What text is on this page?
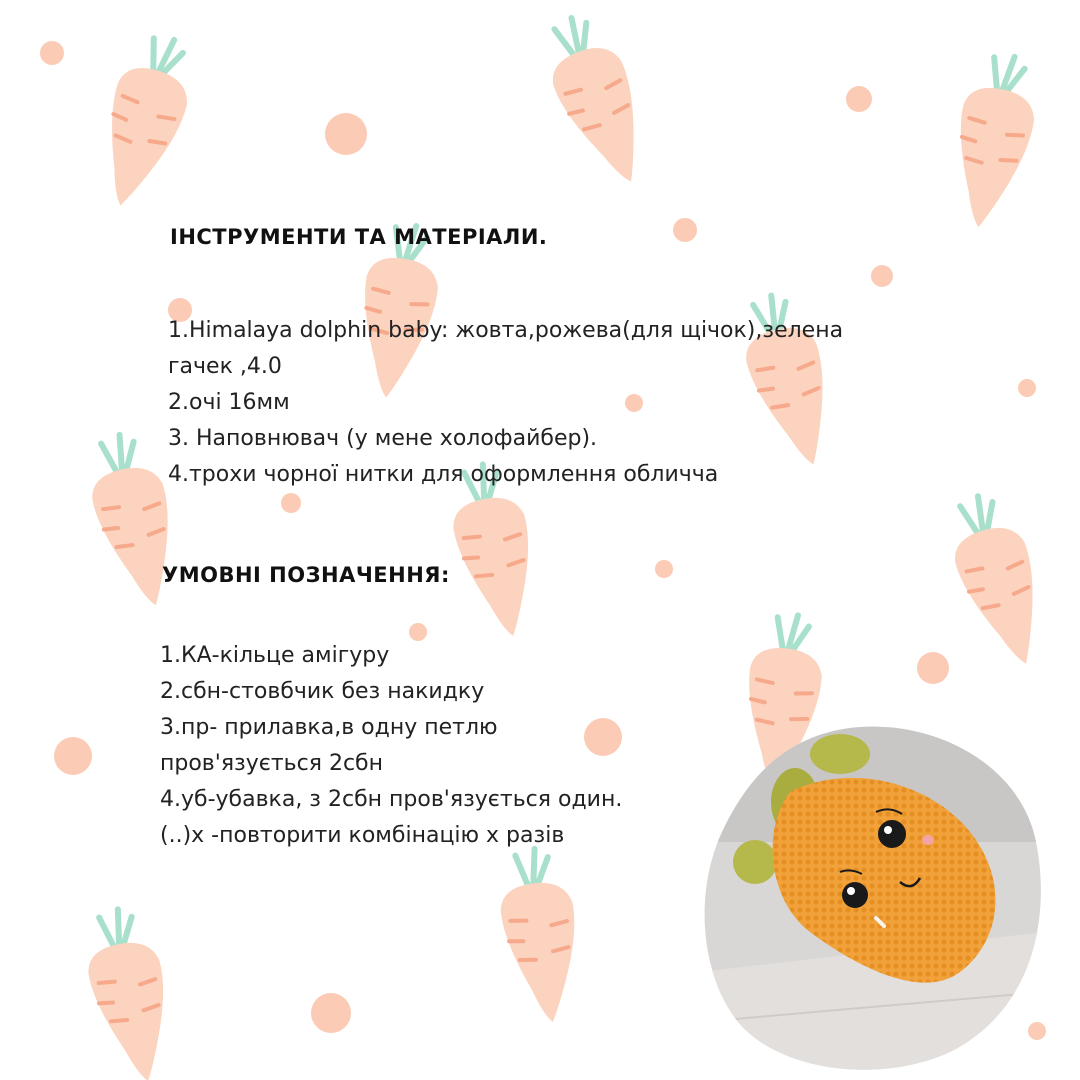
ІНСТРУМЕНТИ ТА МАТЕРІАЛИ.
1.Himalaya dolphin baby: жовта,рожева(для щічок),зелена
гачек ,4.0
2.очі 16мм
3. Наповнювач (у мене холофайбер).
4.трохи чорної нитки для оформлення обличча
УМОВНІ ПОЗНАЧЕННЯ:
1.КА-кільце амігуру
2.сбн-стовбчик без накидку
3.пр- прилавка,в одну петлю
пров'язується 2сбн
4.уб-убавка, з 2сбн пров'язується один.
(..)x -повторити комбінацію x разів
